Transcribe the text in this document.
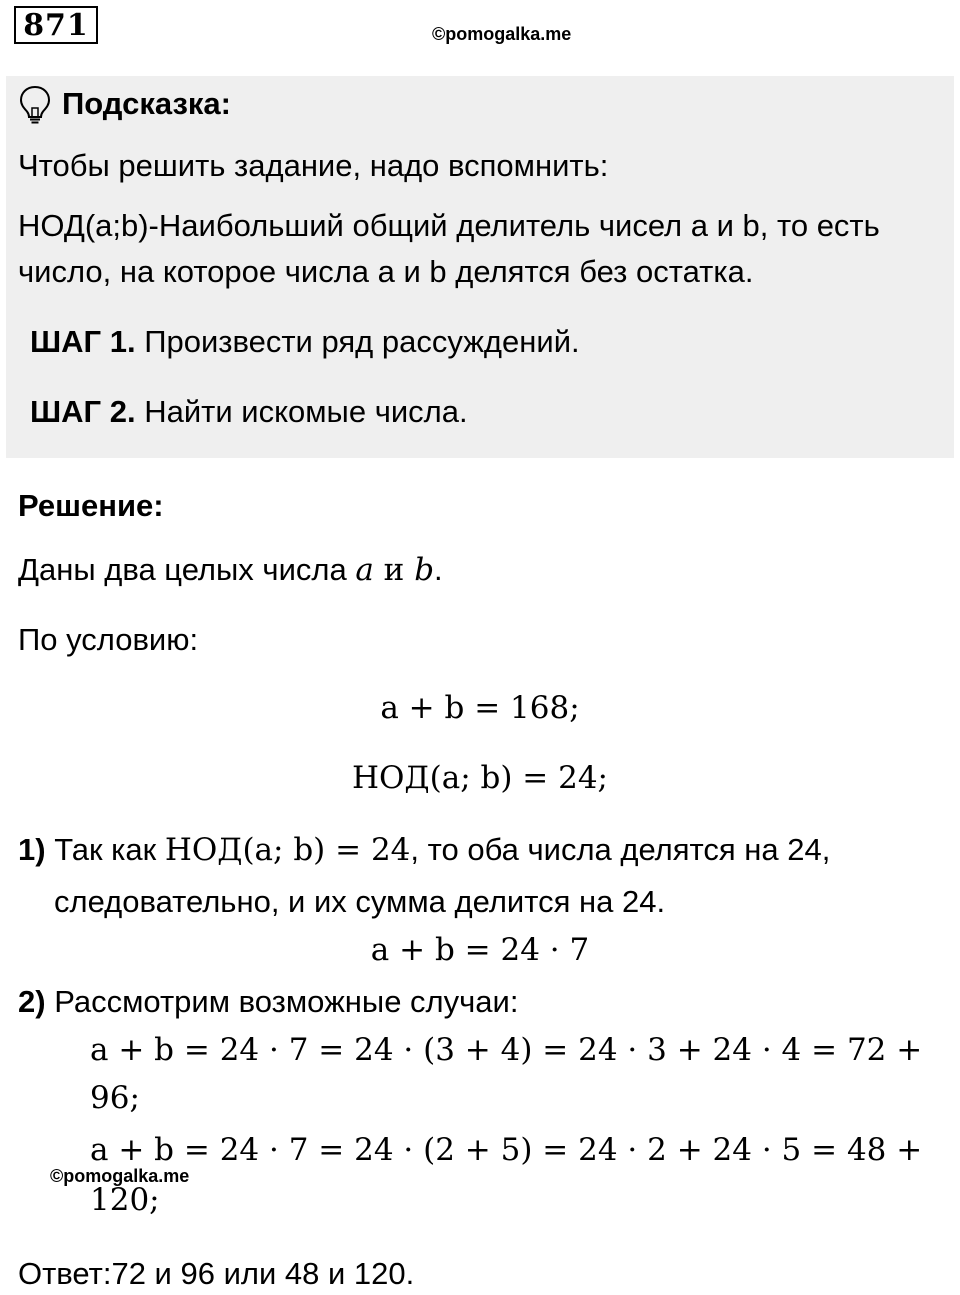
871	©pomogalka.me
Подсказка:
Чтобы решить задание, надо вспомнить:
НОД(a;b)-Наибольший общий делитель чисел a и b, то есть
число, на которое числа a и b делятся без остатка.
ШАГ 1. Произвести ряд рассуждений.
ШАГ 2. Найти искомые числа.
Решение:
Даны два целых числа a и b.
По условию:
a + b = 168;
НОД(a; b) = 24;
1) Так как НОД(a; b) = 24, то оба числа делятся на 24,
следовательно, и их сумма делится на 24.
a + b = 24 · 7
2) Рассмотрим возможные случаи:
a + b = 24 · 7 = 24 · (3 + 4) = 24 · 3 + 24 · 4 = 72 +
96;
a + b = 24 · 7 = 24 · (2 + 5) = 24 · 2 + 24 · 5 = 48 +
120;
©pomogalka.me
Ответ:72 и 96 или 48 и 120.
